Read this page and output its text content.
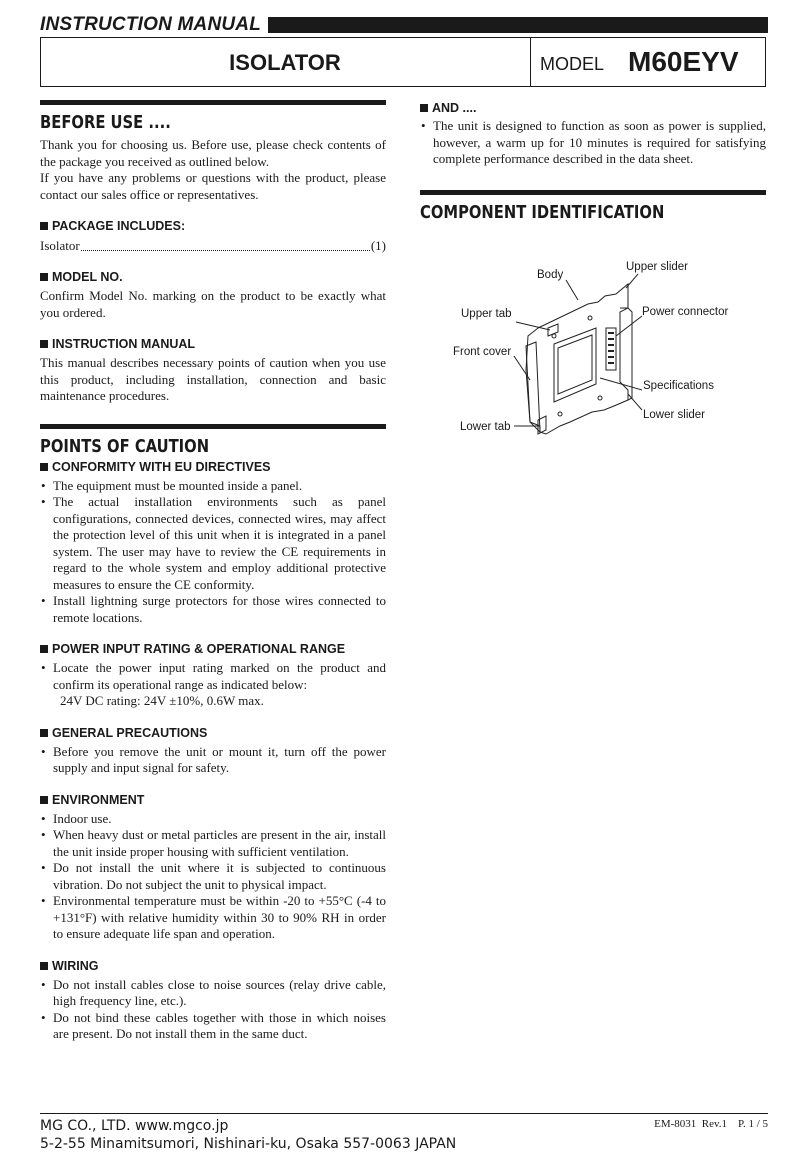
INSTRUCTION MANUAL
ISOLATOR	MODEL M60EYV
BEFORE USE ....
Thank you for choosing us. Before use, please check contents of the package you received as outlined below.
If you have any problems or questions with the product, please contact our sales office or representatives.
PACKAGE INCLUDES:
Isolator	(1)
MODEL NO.
Confirm Model No. marking on the product to be exactly what you ordered.
INSTRUCTION MANUAL
This manual describes necessary points of caution when you use this product, including installation, connection and basic maintenance procedures.
POINTS OF CAUTION
CONFORMITY WITH EU DIRECTIVES
• The equipment must be mounted inside a panel.
• The actual installation environments such as panel configurations, connected devices, connected wires, may affect the protection level of this unit when it is integrated in a panel system. The user may have to review the CE requirements in regard to the whole system and employ additional protective measures to ensure the CE conformity.
• Install lightning surge protectors for those wires connected to remote locations.
POWER INPUT RATING & OPERATIONAL RANGE
• Locate the power input rating marked on the product and confirm its operational range as indicated below:
24V DC rating: 24V ±10%, 0.6W max.
GENERAL PRECAUTIONS
• Before you remove the unit or mount it, turn off the power supply and input signal for safety.
ENVIRONMENT
• Indoor use.
• When heavy dust or metal particles are present in the air, install the unit inside proper housing with sufficient ventilation.
• Do not install the unit where it is subjected to continuous vibration. Do not subject the unit to physical impact.
• Environmental temperature must be within -20 to +55°C (-4 to +131°F) with relative humidity within 30 to 90% RH in order to ensure adequate life span and operation.
WIRING
• Do not install cables close to noise sources (relay drive cable, high frequency line, etc.).
• Do not bind these cables together with those in which noises are present. Do not install them in the same duct.
AND ....
• The unit is designed to function as soon as power is supplied, however, a warm up for 10 minutes is required for satisfying complete performance described in the data sheet.
COMPONENT IDENTIFICATION
Body
Upper slider
Upper tab	Power connector
Front cover
Specifications
Lower slider
Lower tab
MG CO., LTD. www.mgco.jp
5-2-55 Minamitsumori, Nishinari-ku, Osaka 557-0063 JAPAN
EM-8031  Rev.1    P. 1 / 5
